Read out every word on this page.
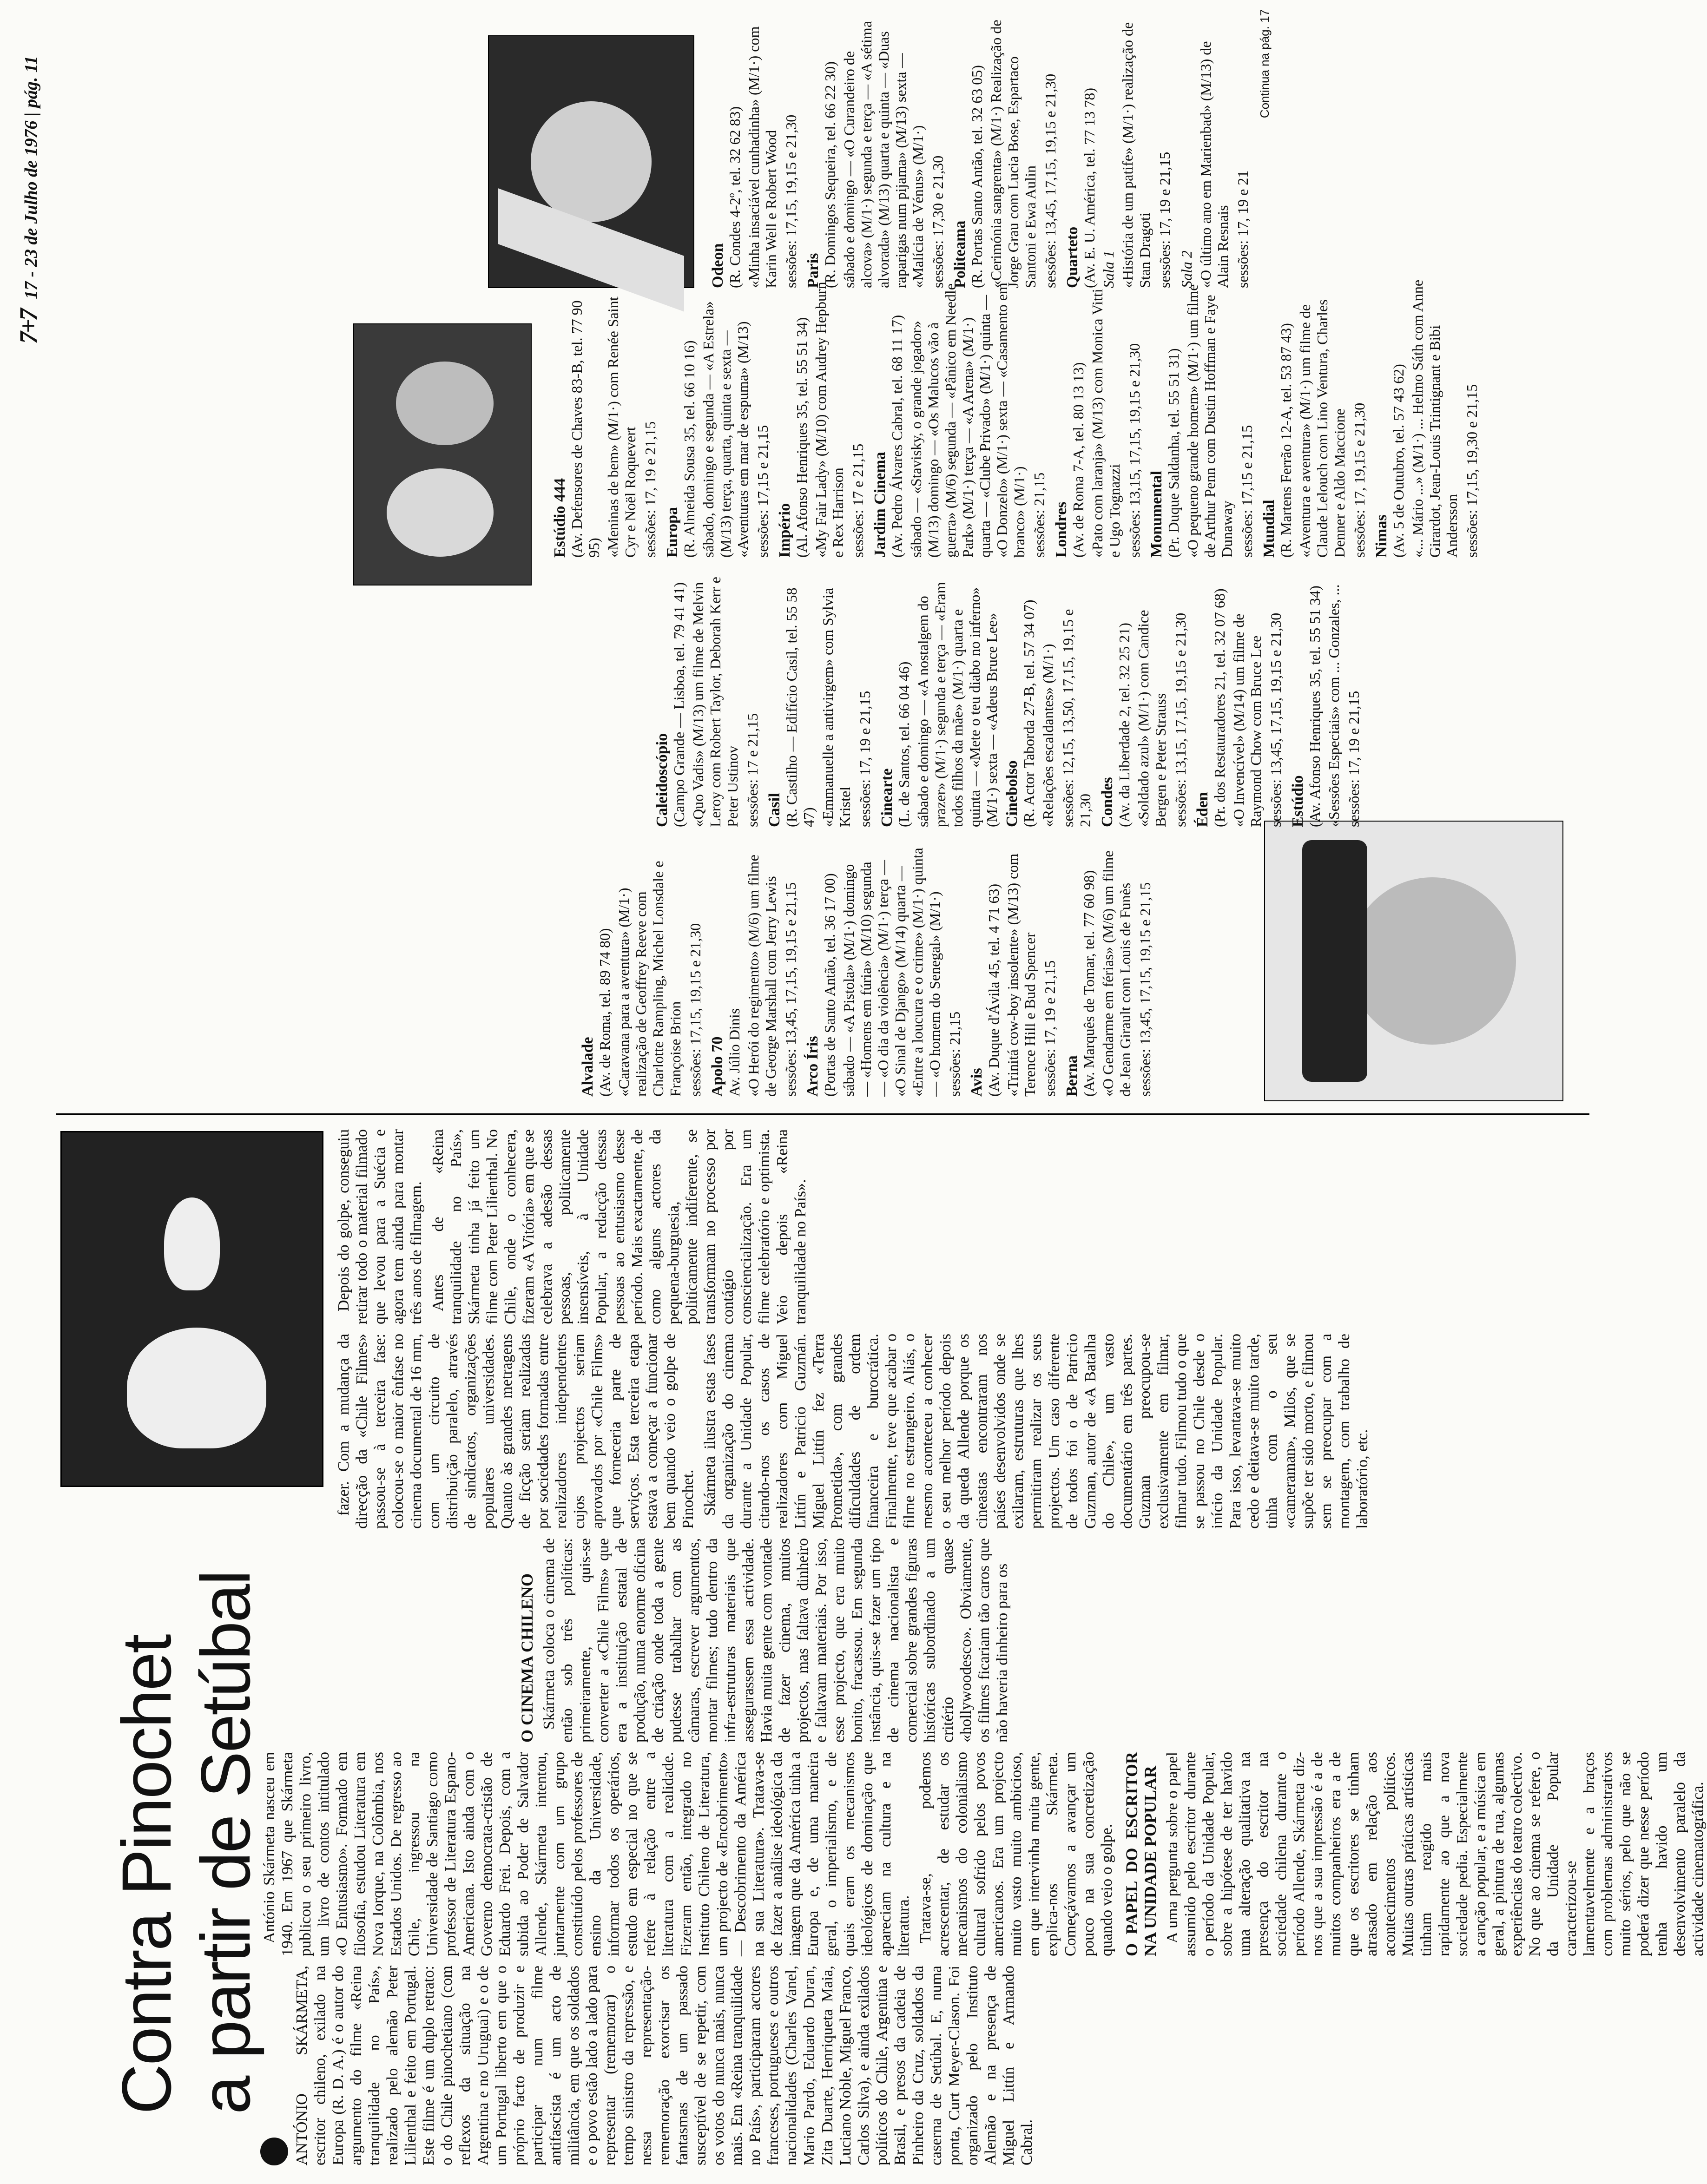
7+7 17 - 23 de Julho de 1976 | pág. 11
Contra Pinochet a partir de Setúbal ANTÓNIO SKÁRMETA, escritor chileno, exilado na Europa (R. D. A.) é o autor do argumento do filme «Reina tranquilidade no País», realizado pelo alemão Peter Lilienthal e feito em Portugal. Este filme é um duplo retrato: o do Chile pinochetiano (com reflexos da situação na Argentina e no Uruguai) e o de um Portugal liberto em que o próprio facto de produzir e participar num filme antifascista é um acto de militância, em que os soldados e o povo estão lado a lado para representar (rememorar) o tempo sinistro da repressão, e nessa representação-rememoração exorcisar os fantasmas de um passado susceptível de se repetir, com os votos do nunca mais, nunca mais. Em «Reina tranquilidade no País», participaram actores franceses, portugueses e outros nacionalidades (Charles Vanel, Mario Pardo, Eduardo Duran, Zita Duarte, Henriqueta Maia, Luciano Noble, Miguel Franco, Carlos Silva), e ainda exilados políticos do Chile, Argentina e Brasil, e presos da cadeia de Pinheiro da Cruz, soldados da caserna de Setúbal. E, numa ponta, Curt Meyer-Clason. Foi organizado pelo Instituto Alemão e na presença de Miguel Littín e Armando Cabral.

António Skármeta nasceu em 1940. Em 1967 que Skármeta publicou o seu primeiro livro, um livro de contos intitulado «O Entusiasmo». Formado em filosofia, estudou Literatura em Nova Iorque, na Colômbia, nos Estados Unidos. De regresso ao Chile, ingressou na Universidade de Santiago como professor de Literatura Espano-Americana. Isto ainda com o Governo democrata-cristão de Eduardo Frei. Depois, com a subida ao Poder de Salvador Allende, Skármeta intentou, juntamente com um grupo constituído pelos professores de ensino da Universidade, informar todos os operários, estudo em especial no que se refere à relação entre a literatura com a realidade. Fizeram então, integrado no Instituto Chileno de Literatura, um projecto de «Encobrimento» — Descobrimento da América na sua Literatura». Tratava-se de fazer a análise ideológica da imagem que da América tinha a Europa e, de uma maneira geral, o imperialismo, e de quais eram os mecanismos ideológicos de dominação que apareciam na cultura e na literatura. Tratava-se, podemos acrescentar, de estudar os mecanismos do colonialismo cultural sofrido pelos povos americanos. Era um projecto muito vasto muito ambicioso, em que intervinha muita gente, explica-nos Skármeta. Começávamos a avançar um pouco na sua concretização quando veio o golpe. O PAPEL DO ESCRITOR NA UNIDADE POPULAR A uma pergunta sobre o papel assumido pelo escritor durante o período da Unidade Popular, sobre a hipótese de ter havido uma alteração qualitativa na presença do escritor na sociedade chilena durante o período Allende, Skármeta diz-nos que a sua impressão é a de muitos companheiros era a de que os escritores se tinham atrasado em relação aos acontecimentos políticos. Muitas outras práticas artísticas tinham reagido mais rapidamente ao que a nova sociedade pedia. Especialmente a canção popular, e a música em geral, a pintura de rua, algumas experiências do teatro colectivo. No que ao cinema se refere, o da Unidade Popular caracterizou-se lamentavelmente e a braços com problemas administrativos muito sérios, pelo que não se poderá dizer que nesse período tenha havido um desenvolvimento paralelo da actividade cinematográfica.

O CINEMA CHILENO Skármeta coloca o cinema de então sob três políticas: primeiramente, quis-se converter a «Chile Films» que era a instituição estatal de produção, numa enorme oficina de criação onde toda a gente pudesse trabalhar com as câmaras, escrever argumentos, montar filmes; tudo dentro da infra-estruturas materiais que assegurassem essa actividade. Havia muita gente com vontade de fazer cinema, muitos projectos, mas faltava dinheiro e faltavam materiais. Por isso, esse projecto, que era muito bonito, fracassou. Em segunda instância, quis-se fazer um tipo de cinema nacionalista e comercial sobre grandes figuras históricas subordinado a um critério quase «hollywoodesco». Obviamente, os filmes ficariam tão caros que não haveria dinheiro para os

fazer. Com a mudança da direcção da «Chile Filmes» passou-se à terceira fase: colocou-se o maior ênfase no cinema documental de 16 mm, com um circuito de distribuição paralelo, através de sindicatos, organizações populares universidades. Quanto às grandes metragens de ficção seriam realizadas por sociedades formadas entre realizadores independentes cujos projectos seriam aprovados por «Chile Films» que forneceria parte de serviços. Esta terceira etapa estava a começar a funcionar bem quando veio o golpe de Pinochet. Skármeta ilustra estas fases da organização do cinema durante a Unidade Popular, citando-nos os casos de realizadores com Miguel Littín e Patricio Guzmán. Miguel Littín fez «Terra Prometida», com grandes dificuldades de ordem financeira e burocrática. Finalmente, teve que acabar o filme no estrangeiro. Aliás, o mesmo aconteceu a conhecer o seu melhor período depois da queda Allende porque os cineastas encontraram nos países desenvolvidos onde se exilaram, estruturas que lhes permitiram realizar os seus projectos. Um caso diferente de todos foi o de Patricio Guzman, autor de «A Batalha do Chile», um vasto documentário em três partes. Guzman preocupou-se exclusivamente em filmar, filmar tudo. Filmou tudo o que se passou no Chile desde o início da Unidade Popular. Para isso, levantava-se muito cedo e deitava-se muito tarde, tinha com o seu «cameraman», Milos, que se supõe ter sido morto, e filmou sem se preocupar com a montagem, com trabalho de laboratório, etc.

Depois do golpe, conseguiu retirar todo o material filmado que levou para a Suécia e agora tem ainda para montar três anos de filmagem. Antes de «Reina tranquilidade no País», Skármeta tinha já feito um filme com Peter Lilienthal. No Chile, onde o conhecera, fizeram «A Vitória» em que se celebrava a adesão dessas pessoas, politicamente insensíveis, à Unidade Popular, a redacção dessas pessoas ao entusiasmo desse período. Mais exactamente, de como alguns actores da pequena-burguesia, politicamente indiferente, se transformam no processo por contágio por consciencialização. Era um filme celebratório e optimista. Veio depois «Reina tranquilidade no País».

Alvalade (Av. de Roma, tel. 89 74 80) «Caravana para a aventura» (M/1·) realização de Geoffrey Reeve com Charlotte Rampling, Michel Lonsdale e Françoise Brion sessões: 17,15, 19,15 e 21,30 Apolo 70 Av. Júlio Dinis «O Herói do regimento» (M/6) um filme de George Marshall com Jerry Lewis sessões: 13,45, 17,15, 19,15 e 21,15 Arco Íris (Portas de Santo Antão, tel. 36 17 00) sábado — «A Pistola» (M/1·) domingo — «Homens em fúria» (M/10) segunda — «O dia da violência» (M/1·) terça — «O Sinal de Django» (M/14) quarta — «Entre a loucura e o crime» (M/1·) quinta — «O homem do Senegal» (M/1·) sessões: 21,15 Avis (Av. Duque d'Ávila 45, tel. 4 71 63) «Trinitá cow-boy insolente» (M/13) com Terence Hill e Bud Spencer sessões: 17, 19 e 21,15 Berna (Av. Marquês de Tomar, tel. 77 60 98) «O Gendarme em férias» (M/6) um filme de Jean Girault com Louis de Funès sessões: 13,45, 17,15, 19,15 e 21,15
Caleidoscópio (Campo Grande — Lisboa, tel. 79 41 41) «Quo Vadis» (M/13) um filme de Melvin Leroy com Robert Taylor, Deborah Kerr e Peter Ustinov sessões: 17 e 21,15 Casil (R. Castilho — Edifício Casil, tel. 55 58 47) «Emmanuelle a antivirgem» com Sylvia Kristel sessões: 17, 19 e 21,15 Cinearte (L. de Santos, tel. 66 04 46) sábado e domingo — «A nostalgem do prazer» (M/1·) segunda e terça — «Eram todos filhos da mãe» (M/1·) quarta e quinta — «Mete o teu diabo no inferno» (M/1·) sexta — «Adeus Bruce Lee» Cinebolso (R. Actor Taborda 27-B, tel. 57 34 07) «Relações escaldantes» (M/1·) sessões: 12,15, 13,50, 17,15, 19,15 e 21,30 Condes (Av. da Liberdade 2, tel. 32 25 21) «Soldado azul» (M/1·) com Candice Bergen e Peter Strauss sessões: 13,15, 17,15, 19,15 e 21,30 Éden (Pr. dos Restauradores 21, tel. 32 07 68) «O Invencível» (M/14) um filme de Raymond Chow com Bruce Lee sessões: 13,45, 17,15, 19,15 e 21,30 Estúdio (Av. Afonso Henriques 35, tel. 55 51 34) «Sessões Especiais» com ... Gonzales, ... sessões: 17, 19 e 21,15
Estúdio 444 (Av. Defensores de Chaves 83-B, tel. 77 90 95) «Meninas de bem» (M/1·) com Renée Saint Cyr e Noël Roquevert sessões: 17, 19 e 21,15 Europa (R. Almeida Sousa 35, tel. 66 10 16) sábado, domingo e segunda — «A Estrela» (M/13) terça, quarta, quinta e sexta — «Aventuras em mar de espuma» (M/13) sessões: 17,15 e 21,15 Império (Al. Afonso Henriques 35, tel. 55 51 34) «My Fair Lady» (M/10) com Audrey Hepburn e Rex Harrison sessões: 17 e 21,15 Jardim Cinema (Av. Pedro Álvares Cabral, tel. 68 11 17) sábado — «Stavisky, o grande jogador» (M/13) domingo — «Os Malucos vão à guerra» (M/6) segunda — «Pânico em Needle Park» (M/1·) terça — «A Arena» (M/1·) quarta — «Clube Privado» (M/1·) quinta — «O Donzelo» (M/1·) sexta — «Casamento em branco» (M/1·) sessões: 21,15 Londres (Av. de Roma 7-A, tel. 80 13 13) «Pato com laranja» (M/13) com Monica Vitti e Ugo Tognazzi sessões: 13,15, 17,15, 19,15 e 21,30 Monumental (Pr. Duque Saldanha, tel. 55 51 31) «O pequeno grande homem» (M/1·) um filme de Arthur Penn com Dustin Hoffman e Faye Dunaway sessões: 17,15 e 21,15 Mundial (R. Martens Ferrão 12-A, tel. 53 87 43) «Aventura e aventura» (M/1·) um filme de Claude Lelouch com Lino Ventura, Charles Denner e Aldo Maccione sessões: 17, 19,15 e 21,30 Nimas (Av. 5 de Outubro, tel. 57 43 62) «... Mário ...» (M/1·) ... Helmo Sáth com Anne Girardot, Jean-Louis Trintignant e Bibi Andersson sessões: 17,15, 19,30 e 21,15
Odeon (R. Condes 4-2º, tel. 32 62 83) «Minha insaciável cunhadinha» (M/1·) com Karin Well e Robert Wood sessões: 17,15, 19,15 e 21,30 Paris (R. Domingos Sequeira, tel. 66 22 30) sábado e domingo — «O Curandeiro de alcova» (M/1·) segunda e terça — «A sétima alvorada» (M/13) quarta e quinta — «Duas raparigas num pijama» (M/13) sexta — «Malícia de Vénus» (M/1·) sessões: 17,30 e 21,30 Politeama (R. Portas Santo Antão, tel. 32 63 05) «Cerimónia sangrenta» (M/1·) Realização de Jorge Grau com Lucia Bose, Espartaco Santoni e Ewa Aulin sessões: 13,45, 17,15, 19,15 e 21,30 Quarteto (Av. E. U. América, tel. 77 13 78) Sala 1 «História de um patife» (M/1·) realização de Stan Dragoti sessões: 17, 19 e 21,15 Sala 2 «O último ano em Marienbad» (M/13) de Alain Resnais sessões: 17, 19 e 21
Continua na pág. 17
